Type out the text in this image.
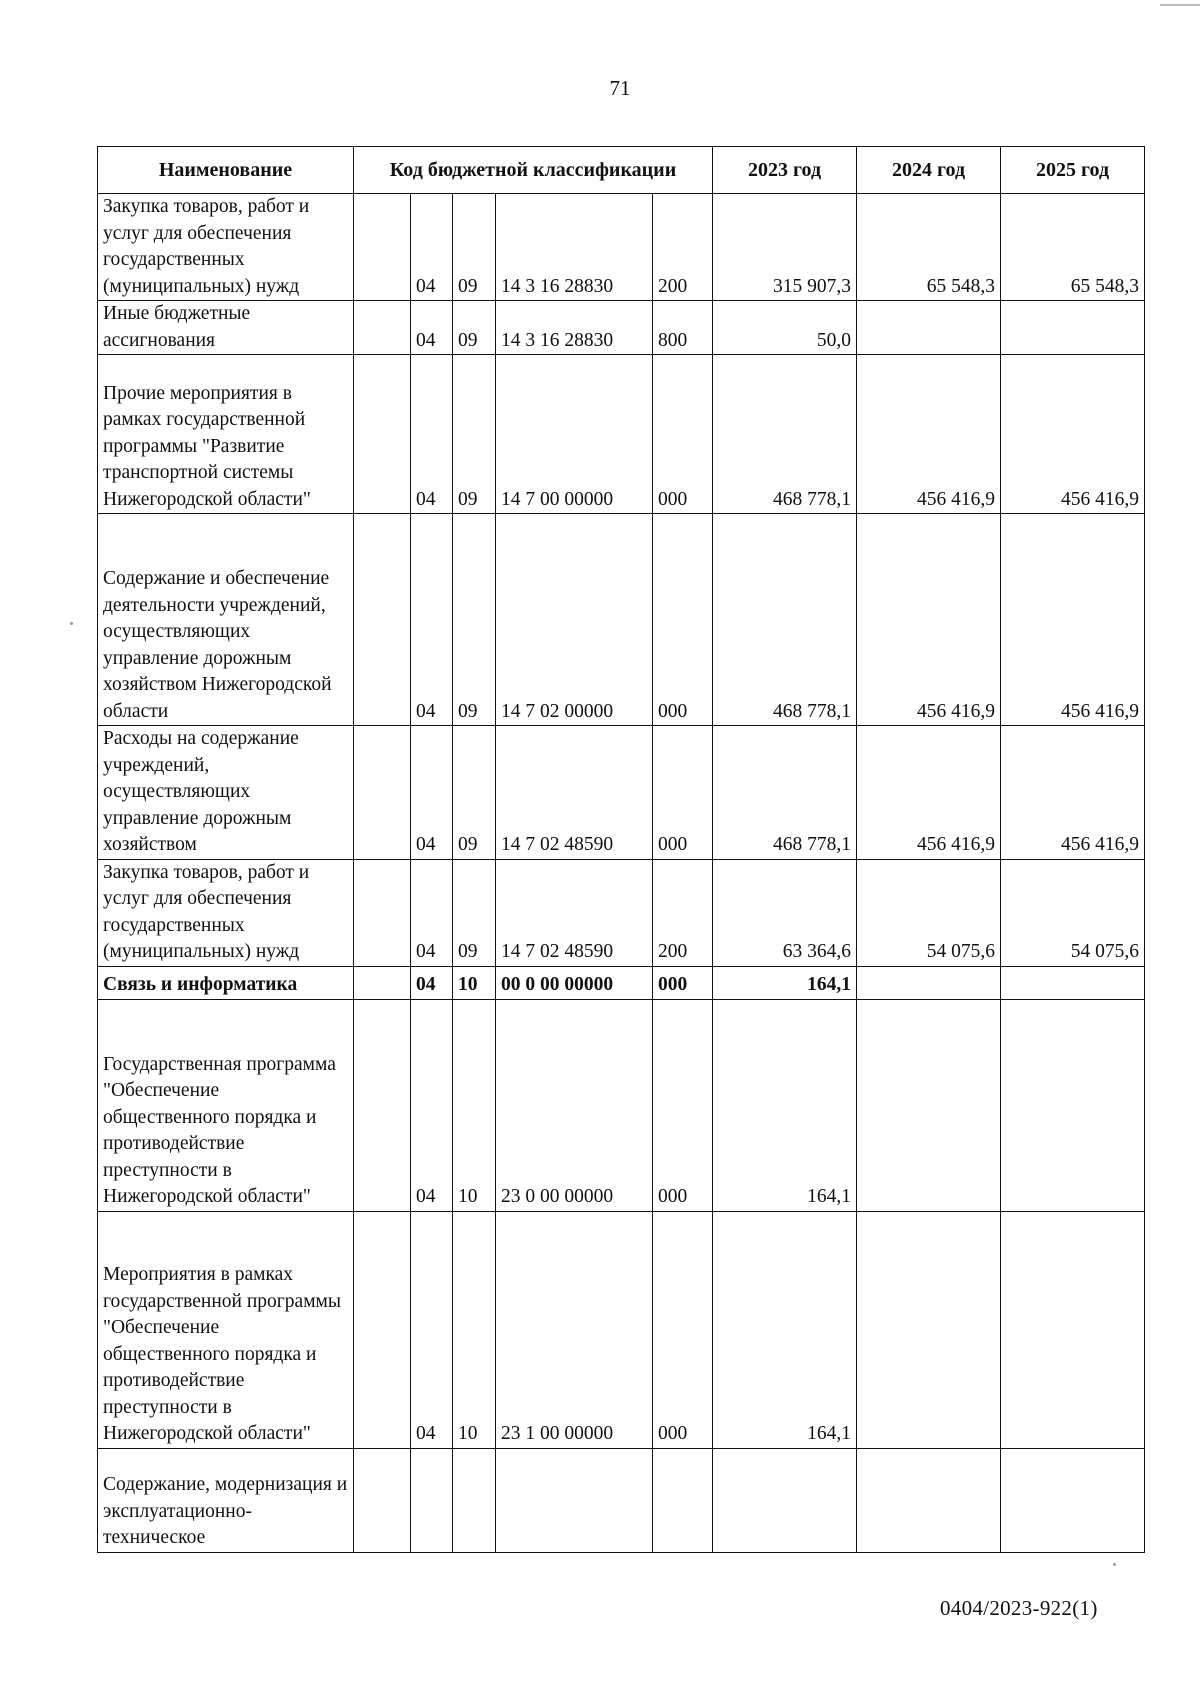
71
Наименование	Код бюджетной классификации					2023 год	2024 год	2025 год
Закупка товаров, работ и услуг для обеспечения государственных (муниципальных) нужд		04	09	14 3 16 28830	200	315 907,3	65 548,3	65 548,3
Иные бюджетные ассигнования		04	09	14 3 16 28830	800	50,0		
Прочие мероприятия в рамках государственной программы "Развитие транспортной системы Нижегородской области"		04	09	14 7 00 00000	000	468 778,1	456 416,9	456 416,9
Содержание и обеспечение деятельности учреждений, осуществляющих управление дорожным хозяйством Нижегородской области		04	09	14 7 02 00000	000	468 778,1	456 416,9	456 416,9
Расходы на содержание учреждений, осуществляющих управление дорожным хозяйством		04	09	14 7 02 48590	000	468 778,1	456 416,9	456 416,9
Закупка товаров, работ и услуг для обеспечения государственных (муниципальных) нужд		04	09	14 7 02 48590	200	63 364,6	54 075,6	54 075,6
Связь и информатика		04	10	00 0 00 00000	000	164,1		
Государственная программа "Обеспечение общественного порядка и противодействие преступности в Нижегородской области"		04	10	23 0 00 00000	000	164,1		
Мероприятия в рамках государственной программы "Обеспечение общественного порядка и противодействие преступности в Нижегородской области"		04	10	23 1 00 00000	000	164,1		
Содержание, модернизация и эксплуатационно-техническое								
0404/2023-922(1)
